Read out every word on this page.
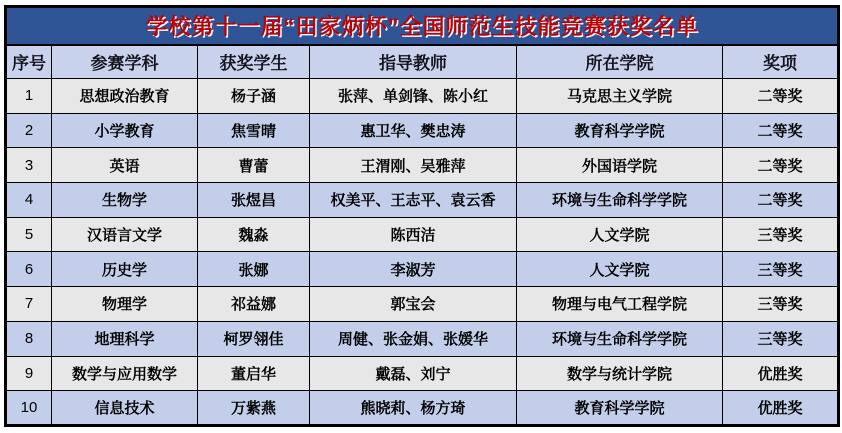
学校第十一届“田家炳杯”全国师范生技能竞赛获奖名单					
序号	参赛学科	获奖学生	指导教师	所在学院	奖项
1	思想政治教育	杨子涵	张萍、单剑锋、陈小红	马克思主义学院	二等奖
2	小学教育	焦雪晴	惠卫华、樊忠涛	教育科学学院	二等奖
3	英语	曹蕾	王渭刚、吴雅萍	外国语学院	二等奖
4	生物学	张煜昌	权美平、王志平、袁云香	环境与生命科学学院	二等奖
5	汉语言文学	魏淼	陈西洁	人文学院	三等奖
6	历史学	张娜	李淑芳	人文学院	三等奖
7	物理学	祁益娜	郭宝会	物理与电气工程学院	三等奖
8	地理科学	柯罗翎佳	周健、张金娟、张媛华	环境与生命科学学院	三等奖
9	数学与应用数学	董启华	戴磊、刘宁	数学与统计学院	优胜奖
10	信息技术	万紫燕	熊晓莉、杨方琦	教育科学学院	优胜奖
